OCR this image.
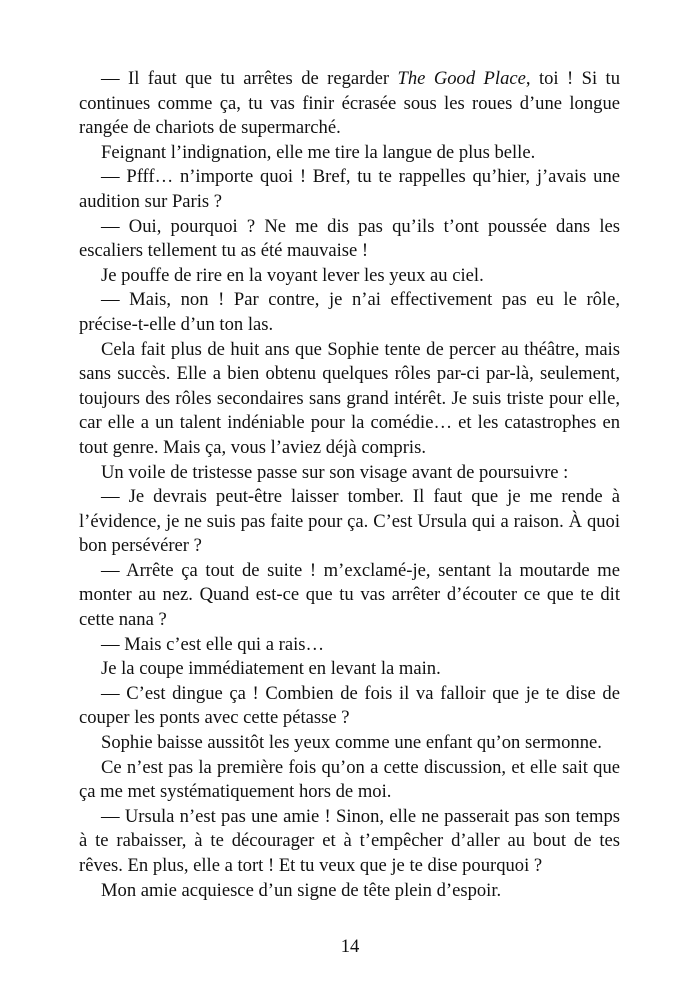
— Il faut que tu arrêtes de regarder The Good Place, toi ! Si tu continues comme ça, tu vas finir écrasée sous les roues d’une longue rangée de chariots de supermarché.

Feignant l’indignation, elle me tire la langue de plus belle.

— Pfff… n’importe quoi ! Bref, tu te rappelles qu’hier, j’avais une audition sur Paris ?

— Oui, pourquoi ? Ne me dis pas qu’ils t’ont poussée dans les escaliers tellement tu as été mauvaise !

Je pouffe de rire en la voyant lever les yeux au ciel.

— Mais, non ! Par contre, je n’ai effectivement pas eu le rôle, précise-t-elle d’un ton las.

Cela fait plus de huit ans que Sophie tente de percer au théâtre, mais sans succès. Elle a bien obtenu quelques rôles par-ci par-là, seulement, toujours des rôles secondaires sans grand intérêt. Je suis triste pour elle, car elle a un talent indéniable pour la comédie… et les catastrophes en tout genre. Mais ça, vous l’aviez déjà compris.

Un voile de tristesse passe sur son visage avant de poursuivre :

— Je devrais peut-être laisser tomber. Il faut que je me rende à l’évidence, je ne suis pas faite pour ça. C’est Ursula qui a raison. À quoi bon persévérer ?

— Arrête ça tout de suite ! m’exclamé-je, sentant la moutarde me monter au nez. Quand est-ce que tu vas arrêter d’écouter ce que te dit cette nana ?

— Mais c’est elle qui a rais…

Je la coupe immédiatement en levant la main.

— C’est dingue ça ! Combien de fois il va falloir que je te dise de couper les ponts avec cette pétasse ?

Sophie baisse aussitôt les yeux comme une enfant qu’on sermonne.

Ce n’est pas la première fois qu’on a cette discussion, et elle sait que ça me met systématiquement hors de moi.

— Ursula n’est pas une amie ! Sinon, elle ne passerait pas son temps à te rabaisser, à te décourager et à t’empêcher d’aller au bout de tes rêves. En plus, elle a tort ! Et tu veux que je te dise pourquoi ?

Mon amie acquiesce d’un signe de tête plein d’espoir.

14
